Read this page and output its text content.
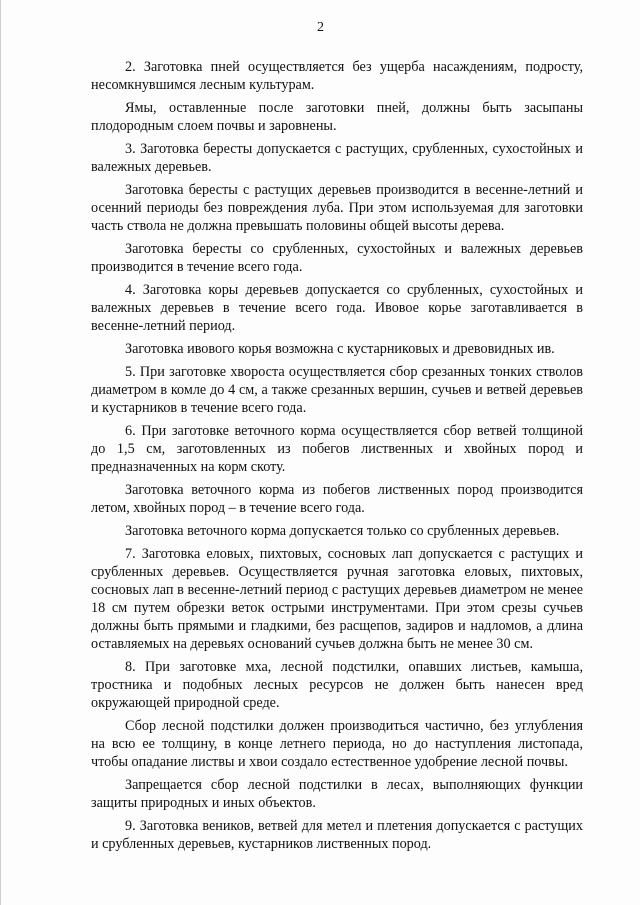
2

2. Заготовка пней осуществляется без ущерба насаждениям, подросту, несомкнувшимся лесным культурам.

Ямы, оставленные после заготовки пней, должны быть засыпаны плодородным слоем почвы и заровнены.

3. Заготовка бересты допускается с растущих, срубленных, сухостойных и валежных деревьев.

Заготовка бересты с растущих деревьев производится в весенне-летний и осенний периоды без повреждения луба. При этом используемая для заготовки часть ствола не должна превышать половины общей высоты дерева.

Заготовка бересты со срубленных, сухостойных и валежных деревьев производится в течение всего года.

4. Заготовка коры деревьев допускается со срубленных, сухостойных и валежных деревьев в течение всего года. Ивовое корье заготавливается в весенне-летний период.

Заготовка ивового корья возможна с кустарниковых и древовидных ив.

5. При заготовке хвороста осуществляется сбор срезанных тонких стволов диаметром в комле до 4 см, а также срезанных вершин, сучьев и ветвей деревьев и кустарников в течение всего года.

6. При заготовке веточного корма осуществляется сбор ветвей толщиной до 1,5 см, заготовленных из побегов лиственных и хвойных пород и предназначенных на корм скоту.

Заготовка веточного корма из побегов лиственных пород производится летом, хвойных пород – в течение всего года.

Заготовка веточного корма допускается только со срубленных деревьев.

7. Заготовка еловых, пихтовых, сосновых лап допускается с растущих и срубленных деревьев. Осуществляется ручная заготовка еловых, пихтовых, сосновых лап в весенне-летний период с растущих деревьев диаметром не менее 18 см путем обрезки веток острыми инструментами. При этом срезы сучьев должны быть прямыми и гладкими, без расщепов, задиров и надломов, а длина оставляемых на деревьях оснований сучьев должна быть не менее 30 см.

8. При заготовке мха, лесной подстилки, опавших листьев, камыша, тростника и подобных лесных ресурсов не должен быть нанесен вред окружающей природной среде.

Сбор лесной подстилки должен производиться частично, без углубления на всю ее толщину, в конце летнего периода, но до наступления листопада, чтобы опадание листвы и хвои создало естественное удобрение лесной почвы.

Запрещается сбор лесной подстилки в лесах, выполняющих функции защиты природных и иных объектов.

9. Заготовка веников, ветвей для метел и плетения допускается с растущих и срубленных деревьев, кустарников лиственных пород.
